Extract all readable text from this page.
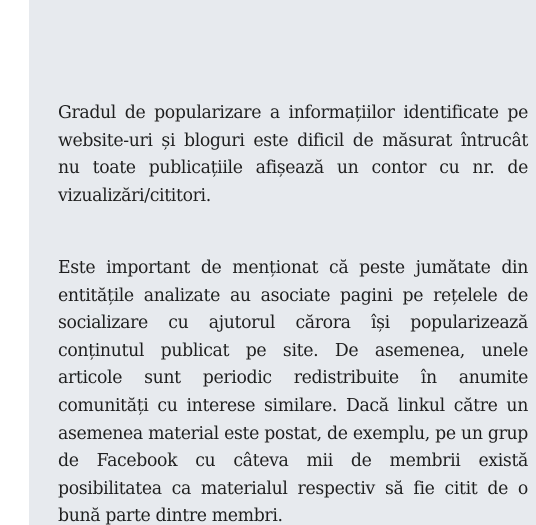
Gradul de popularizare a informațiilor identificate pe website-uri și bloguri este dificil de măsurat întrucât nu toate publicațiile afișează un contor cu nr. de vizualizări/cititori.

Este important de menționat că peste jumătate din entitățile analizate au asociate pagini pe rețelele de socializare cu ajutorul cărora își popularizează conținutul publicat pe site. De asemenea, unele articole sunt periodic redistribuite în anumite comunități cu interese similare. Dacă linkul către un asemenea material este postat, de exemplu, pe un grup de Facebook cu câteva mii de membrii există posibilitatea ca materialul respectiv să fie citit de o bună parte dintre membri.
